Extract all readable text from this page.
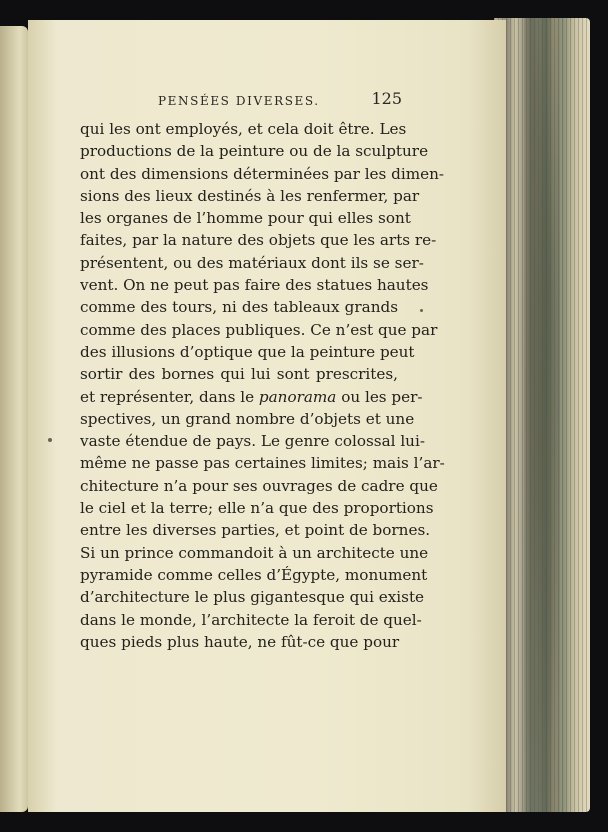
PENSÉES DIVERSES.	125
qui les ont employés, et cela doit être. Les
productions de la peinture ou de la sculpture
ont des dimensions déterminées par les dimen-
sions des lieux destinés à les renfermer, par
les organes de l’homme pour qui elles sont
faites, par la nature des objets que les arts re-
présentent, ou des matériaux dont ils se ser-
vent. On ne peut pas faire des statues hautes
comme des tours, ni des tableaux grands
comme des places publiques. Ce n’est que par
des illusions d’optique que la peinture peut
sortir des bornes qui lui sont prescrites,
et représenter, dans le panorama ou les per-
spectives, un grand nombre d’objets et une
vaste étendue de pays. Le genre colossal lui-
même ne passe pas certaines limites; mais l’ar-
chitecture n’a pour ses ouvrages de cadre que
le ciel et la terre; elle n’a que des proportions
entre les diverses parties, et point de bornes.
Si un prince commandoit à un architecte une
pyramide comme celles d’Égypte, monument
d’architecture le plus gigantesque qui existe
dans le monde, l’architecte la feroit de quel-
ques pieds plus haute, ne fût-ce que pour
